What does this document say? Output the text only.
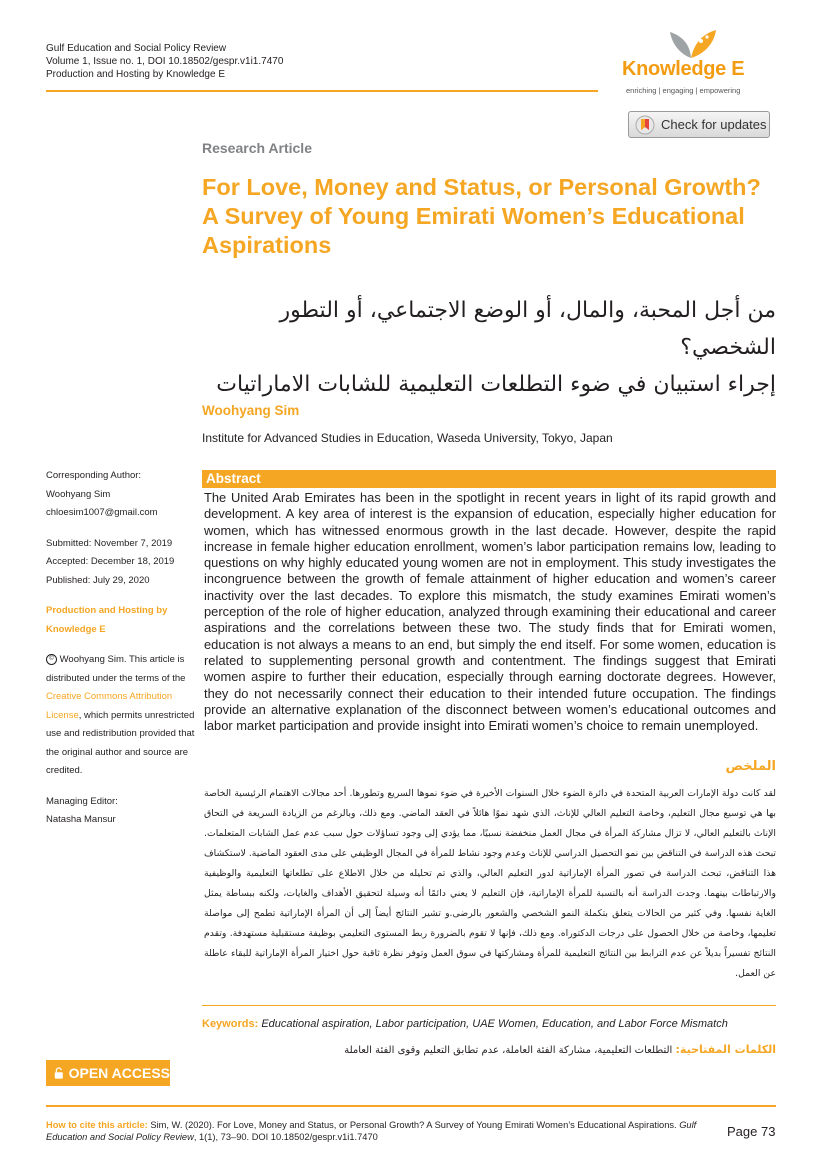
Gulf Education and Social Policy Review
Volume 1, Issue no. 1, DOI 10.18502/gespr.v1i1.7470
Production and Hosting by Knowledge E	Knowledge E
enriching | engaging | empowering
Check for updates
Research Article
For Love, Money and Status, or Personal Growth? A Survey of Young Emirati Women’s Educational Aspirations
من أجل المحبة، والمال، أو الوضع الاجتماعي، أو التطور الشخصي؟
إجراء استبيان في ضوء التطلعات التعليمية للشابات الاماراتيات
Woohyang Sim
Institute for Advanced Studies in Education, Waseda University, Tokyo, Japan

Corresponding Author:
Woohyang Sim
chloesim1007@gmail.com

Submitted: November 7, 2019
Accepted: December 18, 2019
Published: July 29, 2020

Production and Hosting by Knowledge E

© Woohyang Sim. This article is distributed under the terms of the Creative Commons Attribution License, which permits unrestricted use and redistribution provided that the original author and source are credited.

Managing Editor:
Natasha Mansur

Abstract
The United Arab Emirates has been in the spotlight in recent years in light of its rapid growth and development. A key area of interest is the expansion of education, especially higher education for women, which has witnessed enormous growth in the last decade. However, despite the rapid increase in female higher education enrollment, women’s labor participation remains low, leading to questions on why highly educated young women are not in employment. This study investigates the incongruence between the growth of female attainment of higher education and women’s career inactivity over the last decades. To explore this mismatch, the study examines Emirati women’s perception of the role of higher education, analyzed through examining their educational and career aspirations and the correlations between these two. The study finds that for Emirati women, education is not always a means to an end, but simply the end itself. For some women, education is related to supplementing personal growth and contentment. The findings suggest that Emirati women aspire to further their education, especially through earning doctorate degrees. However, they do not necessarily connect their education to their intended future occupation. The findings provide an alternative explanation of the disconnect between women’s educational outcomes and labor market participation and provide insight into Emirati women’s choice to remain unemployed.
الملخص
لقد كانت دولة الإمارات العربية المتحدة في دائرة الضوء خلال السنوات الأخيرة في ضوء نموها السريع وتطورها. أحد مجالات الاهتمام الرئيسية الخاصة بها هي توسيع مجال التعليم، وخاصة التعليم العالي للإناث، الذي شهد نموًا هائلاً في العقد الماضي. ومع ذلك، وبالرغم من الزيادة السريعة في التحاق الإناث بالتعليم العالي، لا تزال مشاركة المرأة في مجال العمل منخفضة نسبيًا، مما يؤدي إلى وجود تساؤلات حول سبب عدم عمل الشابات المتعلمات. تبحث هذه الدراسة في التناقض بين نمو التحصيل الدراسي للإناث وعدم وجود نشاط للمرأة في المجال الوظيفي على مدى العقود الماضية. لاستكشاف هذا التناقض، تبحث الدراسة في تصور المرأة الإماراتية لدور التعليم العالي، والذي تم تحليله من خلال الاطلاع على تطلعاتها التعليمية والوظيفية والارتباطات بينهما. وجدت الدراسة أنه بالنسبة للمرأة الإماراتية، فإن التعليم لا يعني دائمًا أنه وسيلة لتحقيق الأهداف والغايات، ولكنه ببساطة يمثل الغاية نفسها. وفي كثير من الحالات يتعلق بتكملة النمو الشخصي والشعور بالرضى.و تشير النتائج أيضاً إلى أن المرأة الإماراتية تطمح إلى مواصلة تعليمها، وخاصة من خلال الحصول على درجات الدكتوراه. ومع ذلك، فإنها لا تقوم بالضرورة ربط المستوى التعليمي بوظيفة مستقبلية مستهدفة. وتقدم النتائج تفسيراً بديلاً عن عدم الترابط بين النتائج التعليمية للمرأة ومشاركتها في سوق العمل وتوفر نظرة ثاقبة حول اختيار المرأة الإماراتية للبقاء عاطلة عن العمل.
Keywords: Educational aspiration, Labor participation, UAE Women, Education, and Labor Force Mismatch
الكلمات المفتاحية: التطلعات التعليمية، مشاركة الفئة العاملة، عدم تطابق التعليم وقوى الفئة العاملة
OPEN ACCESS
How to cite this article: Sim, W. (2020). For Love, Money and Status, or Personal Growth? A Survey of Young Emirati Women’s Educational Aspirations. Gulf Education and Social Policy Review, 1(1), 73–90. DOI 10.18502/gespr.v1i1.7470	Page 73
